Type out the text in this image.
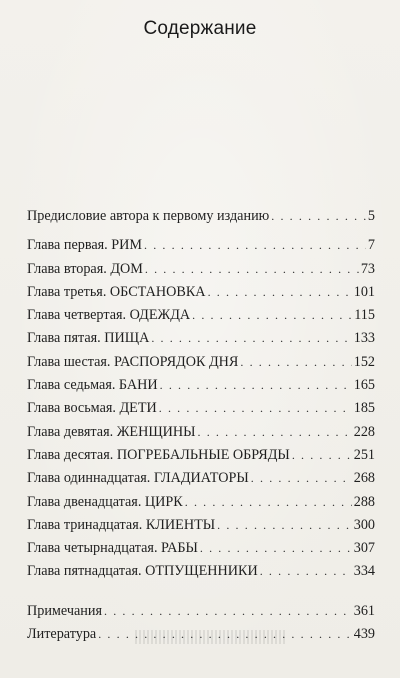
Содержание
Предисловие автора к первому изданию . . .	5
Глава первая. РИМ . . .	7
Глава вторая. ДОМ . . .	73
Глава третья. ОБСТАНОВКА . . .	101
Глава четвертая. ОДЕЖДА . . .	115
Глава пятая. ПИЩА . . .	133
Глава шестая. РАСПОРЯДОК ДНЯ . . .	152
Глава седьмая. БАНИ . . .	165
Глава восьмая. ДЕТИ . . .	185
Глава девятая. ЖЕНЩИНЫ . . .	228
Глава десятая. ПОГРЕБАЛЬНЫЕ ОБРЯДЫ . . .	251
Глава одиннадцатая. ГЛАДИАТОРЫ . . .	268
Глава двенадцатая. ЦИРК . . .	288
Глава тринадцатая. КЛИЕНТЫ . . .	300
Глава четырнадцатая. РАБЫ . . .	307
Глава пятнадцатая. ОТПУЩЕННИКИ . . .	334
Примечания . . .	361
Литература . . .	439
